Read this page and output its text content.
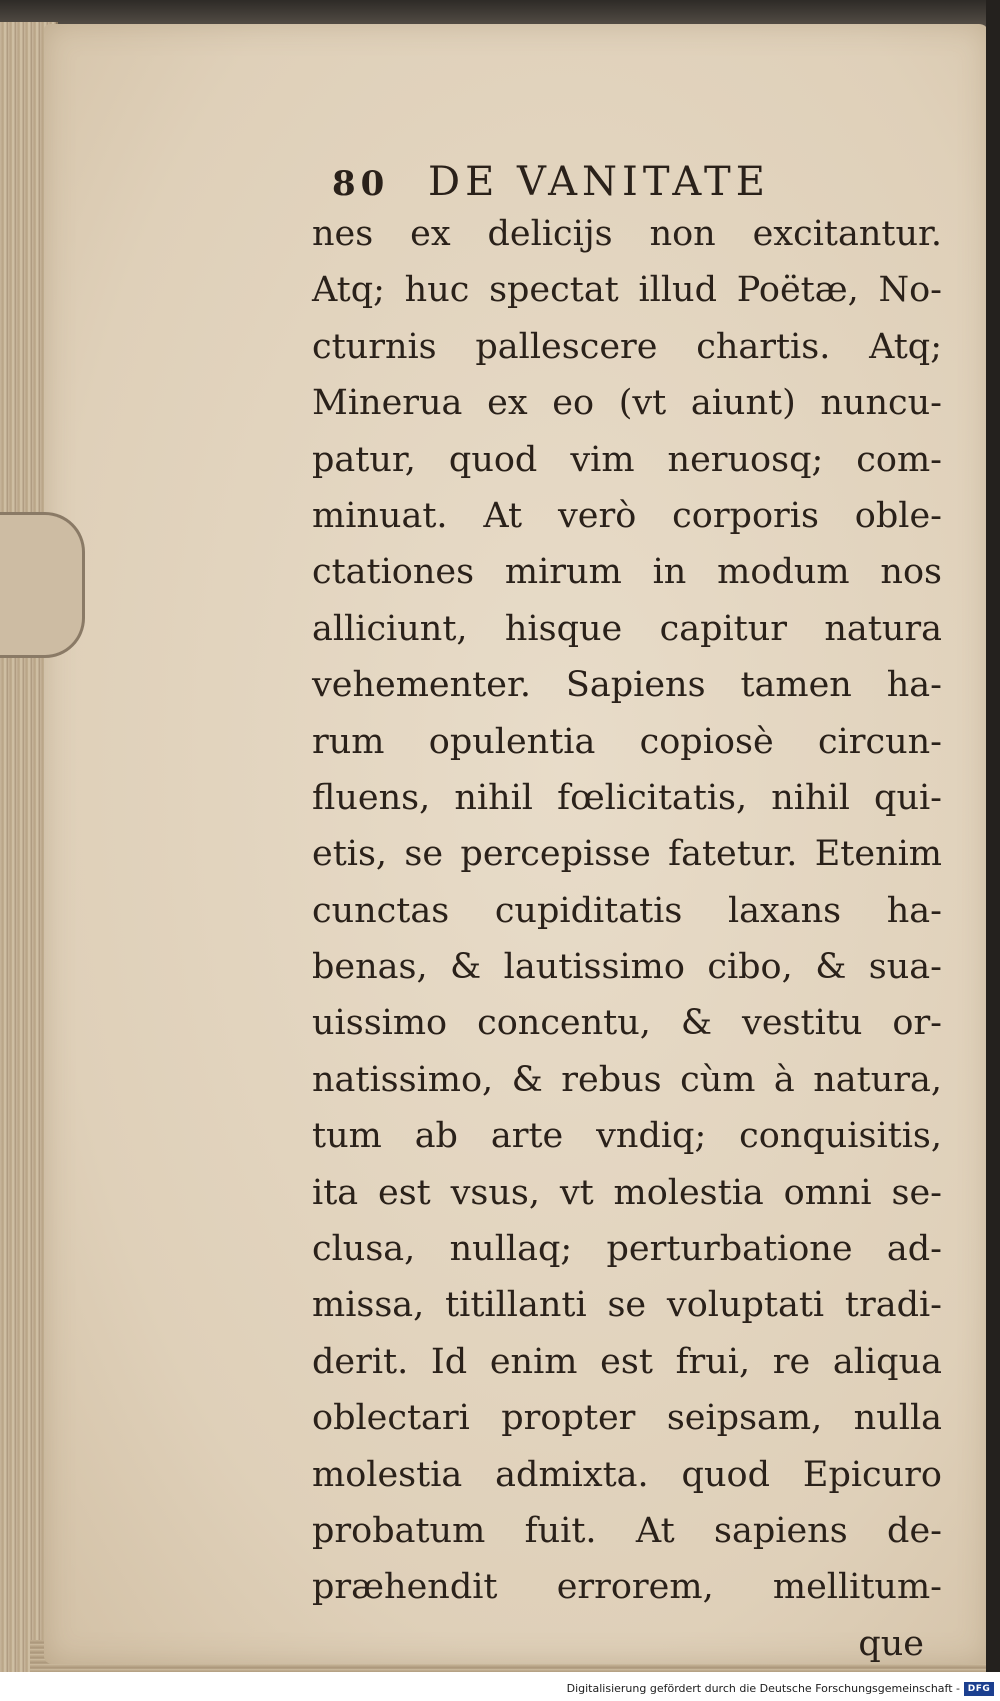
80 DE VANITATE
nes ex delicijs non excitantur.
Atq; huc spectat illud Poëtæ, No-
cturnis pallescere chartis. Atq;
Minerua ex eo (vt aiunt) nuncu-
patur, quod vim neruosq; com-
minuat. At verò corporis oble-
ctationes mirum in modum nos
alliciunt, hisque capitur natura
vehementer. Sapiens tamen ha-
rum opulentia copiosè circun-
fluens, nihil fœlicitatis, nihil qui-
etis, se percepisse fatetur. Etenim
cunctas cupiditatis laxans ha-
benas, & lautissimo cibo, & sua-
uissimo concentu, & vestitu or-
natissimo, & rebus cùm à natura,
tum ab arte vndiq; conquisitis,
ita est vsus, vt molestia omni se-
clusa, nullaq; perturbatione ad-
missa, titillanti se voluptati tradi-
derit. Id enim est frui, re aliqua
oblectari propter seipsam, nulla
molestia admixta. quod Epicuro
probatum fuit. At sapiens de-
præhendit errorem, mellitum-
que
Digitalisierung gefördert durch die Deutsche Forschungsgemeinschaft - DFG
